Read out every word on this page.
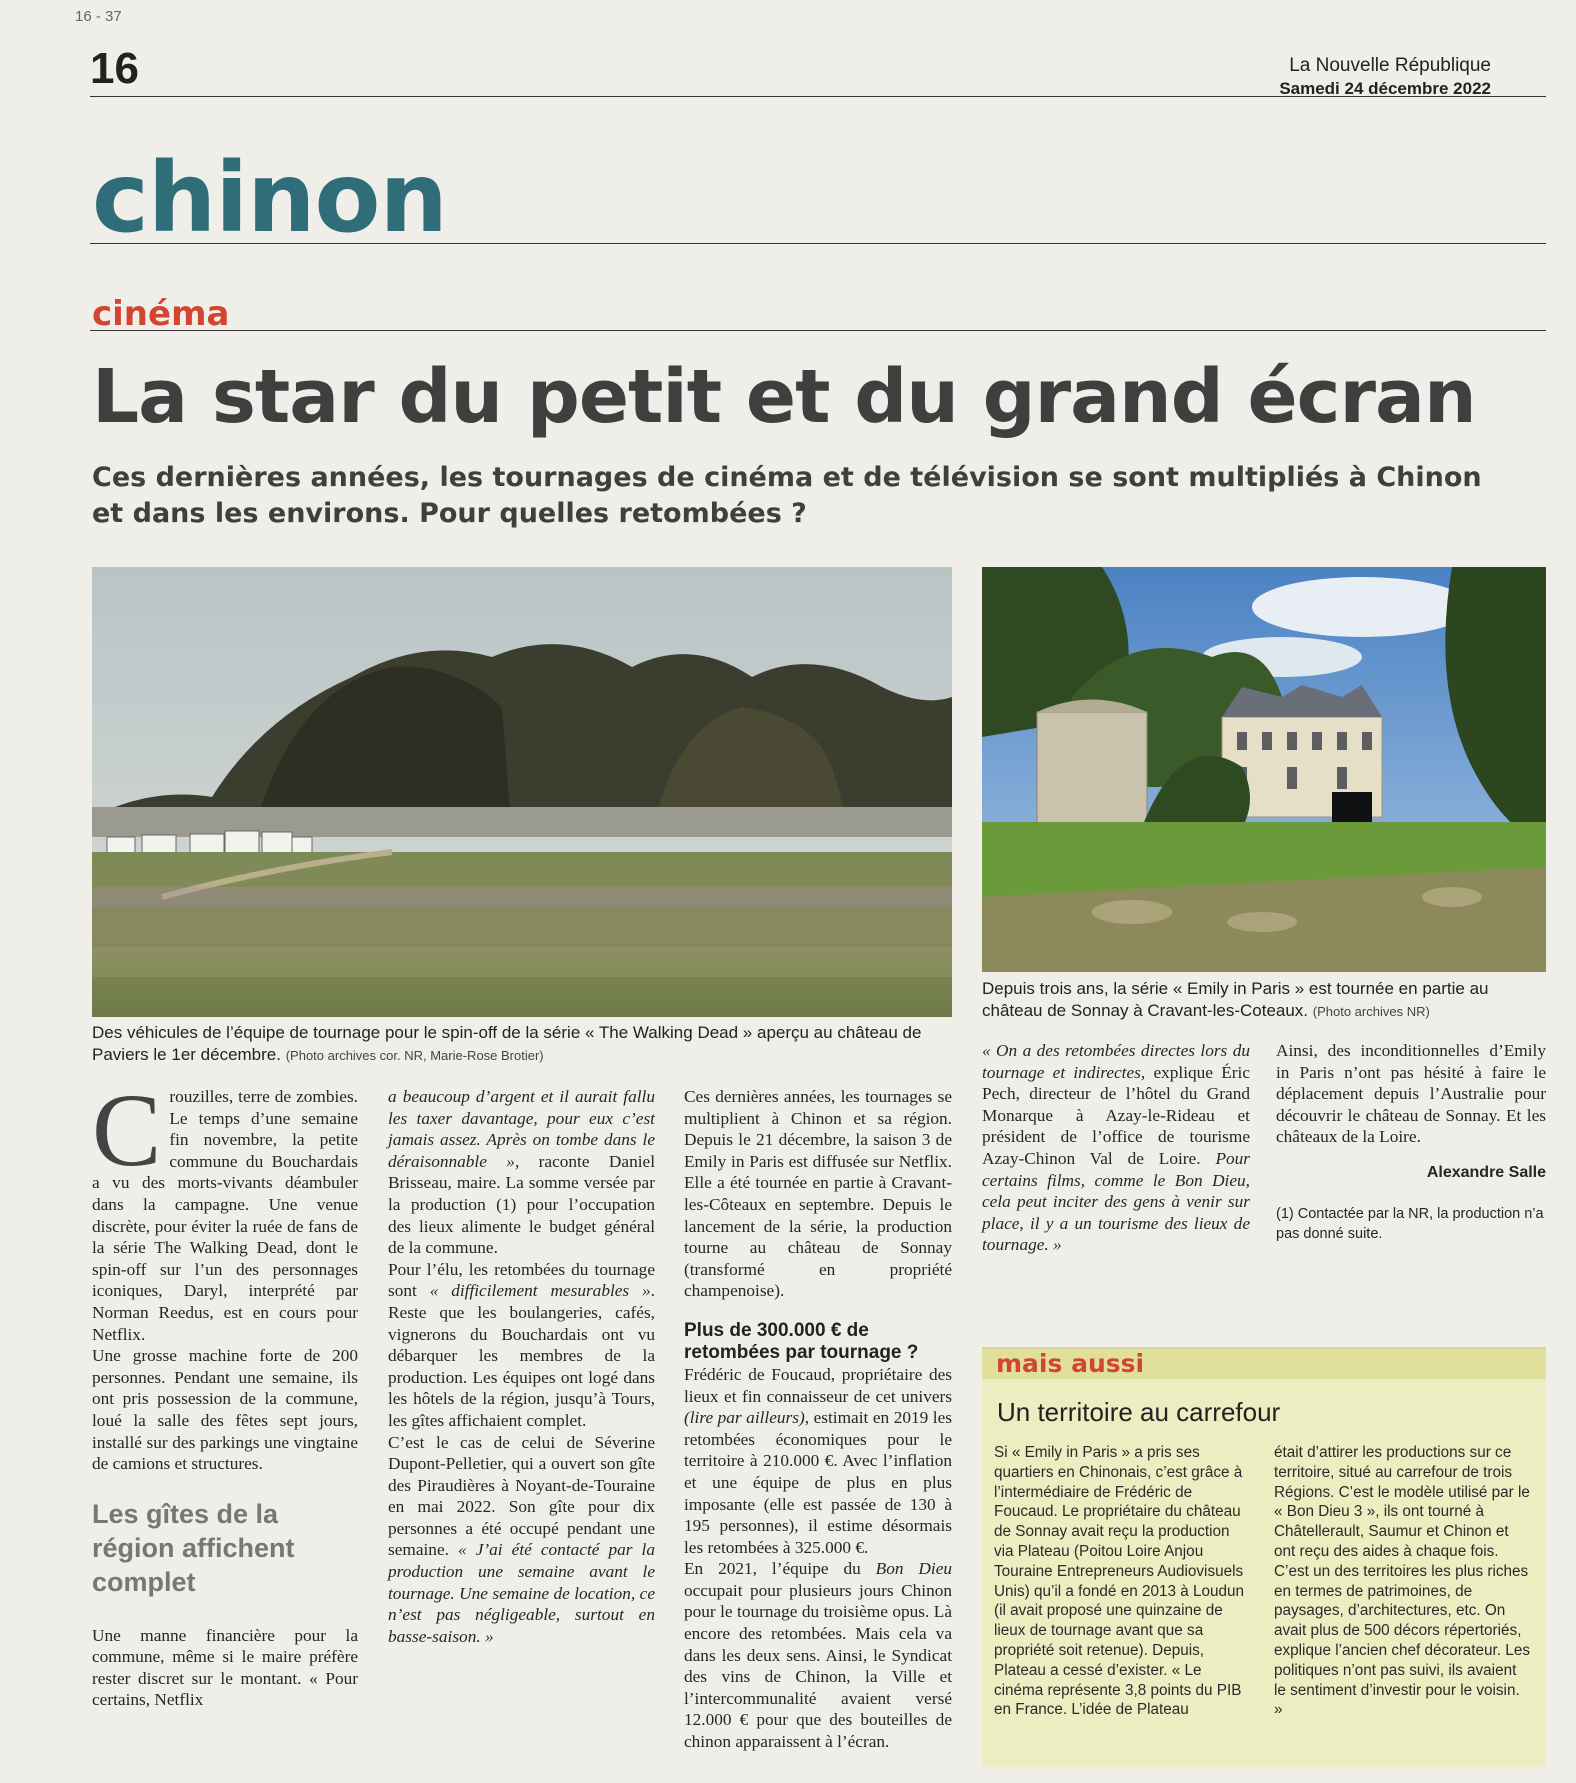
16 - 37
16	La Nouvelle République
Samedi 24 décembre 2022
chinon
cinéma
La star du petit et du grand écran
Ces dernières années, les tournages de cinéma et de télévision se sont multipliés à Chinon et dans les environs. Pour quelles retombées ?
Des véhicules de l’équipe de tournage pour le spin-off de la série « The Walking Dead » aperçu au château de Paviers le 1er décembre. (Photo archives cor. NR, Marie-Rose Brotier)
Depuis trois ans, la série « Emily in Paris » est tournée en partie au château de Sonnay à Cravant-les-Coteaux. (Photo archives NR)

Crouzilles, terre de zombies. Le temps d’une semaine fin novembre, la petite commune du Bouchardais a vu des morts-vivants déambuler dans la campagne. Une venue discrète, pour éviter la ruée de fans de la série The Walking Dead, dont le spin-off sur l’un des personnages iconiques, Daryl, interprété par Norman Reedus, est en cours pour Netflix.

Une grosse machine forte de 200 personnes. Pendant une semaine, ils ont pris possession de la commune, loué la salle des fêtes sept jours, installé sur des parkings une vingtaine de camions et structures.

Les gîtes de la région affichent complet

Une manne financière pour la commune, même si le maire préfère rester discret sur le montant. « Pour certains, Netflix

a beaucoup d’argent et il aurait fallu les taxer davantage, pour eux c’est jamais assez. Après on tombe dans le déraisonnable », raconte Daniel Brisseau, maire. La somme versée par la production (1) pour l’occupation des lieux alimente le budget général de la commune.

Pour l’élu, les retombées du tournage sont « difficilement mesurables ». Reste que les boulangeries, cafés, vignerons du Bouchardais ont vu débarquer les membres de la production. Les équipes ont logé dans les hôtels de la région, jusqu’à Tours, les gîtes affichaient complet.

C’est le cas de celui de Séverine Dupont-Pelletier, qui a ouvert son gîte des Piraudières à Noyant-de-Touraine en mai 2022. Son gîte pour dix personnes a été occupé pendant une semaine. « J’ai été contacté par la production une semaine avant le tournage. Une semaine de location, ce n’est pas négligeable, surtout en basse-saison. »

Ces dernières années, les tournages se multiplient à Chinon et sa région. Depuis le 21 décembre, la saison 3 de Emily in Paris est diffusée sur Netflix. Elle a été tournée en partie à Cravant-les-Côteaux en septembre. Depuis le lancement de la série, la production tourne au château de Sonnay (transformé en propriété champenoise).

Plus de 300.000 € de retombées par tournage ?

Frédéric de Foucaud, propriétaire des lieux et fin connaisseur de cet univers (lire par ailleurs), estimait en 2019 les retombées économiques pour le territoire à 210.000 €. Avec l’inflation et une équipe de plus en plus imposante (elle est passée de 130 à 195 personnes), il estime désormais les retombées à 325.000 €.

En 2021, l’équipe du Bon Dieu occupait pour plusieurs jours Chinon pour le tournage du troisième opus. Là encore des retombées. Mais cela va dans les deux sens. Ainsi, le Syndicat des vins de Chinon, la Ville et l’intercommunalité avaient versé 12.000 € pour que des bouteilles de chinon apparaissent à l’écran.

« On a des retombées directes lors du tournage et indirectes, explique Éric Pech, directeur de l’hôtel du Grand Monarque à Azay-le-Rideau et président de l’office de tourisme Azay-Chinon Val de Loire. Pour certains films, comme le Bon Dieu, cela peut inciter des gens à venir sur place, il y a un tourisme des lieux de tournage. »

Ainsi, des inconditionnelles d’Emily in Paris n’ont pas hésité à faire le déplacement depuis l’Australie pour découvrir le château de Sonnay. Et les châteaux de la Loire.

Alexandre Salle
(1) Contactée par la NR, la production n’a pas donné suite.
mais aussi
Un territoire au carrefour
Si « Emily in Paris » a pris ses quartiers en Chinonais, c’est grâce à l’intermédiaire de Frédéric de Foucaud. Le propriétaire du château de Sonnay avait reçu la production via Plateau (Poitou Loire Anjou Touraine Entrepreneurs Audiovisuels Unis) qu’il a fondé en 2013 à Loudun (il avait proposé une quinzaine de lieux de tournage avant que sa propriété soit retenue). Depuis, Plateau a cessé d’exister. « Le cinéma représente 3,8 points du PIB en France. L’idée de Plateau
était d’attirer les productions sur ce territoire, situé au carrefour de trois Régions. C’est le modèle utilisé par le « Bon Dieu 3 », ils ont tourné à Châtellerault, Saumur et Chinon et ont reçu des aides à chaque fois. C’est un des territoires les plus riches en termes de patrimoines, de paysages, d’architectures, etc. On avait plus de 500 décors répertoriés, explique l’ancien chef décorateur. Les politiques n’ont pas suivi, ils avaient le sentiment d’investir pour le voisin. »
